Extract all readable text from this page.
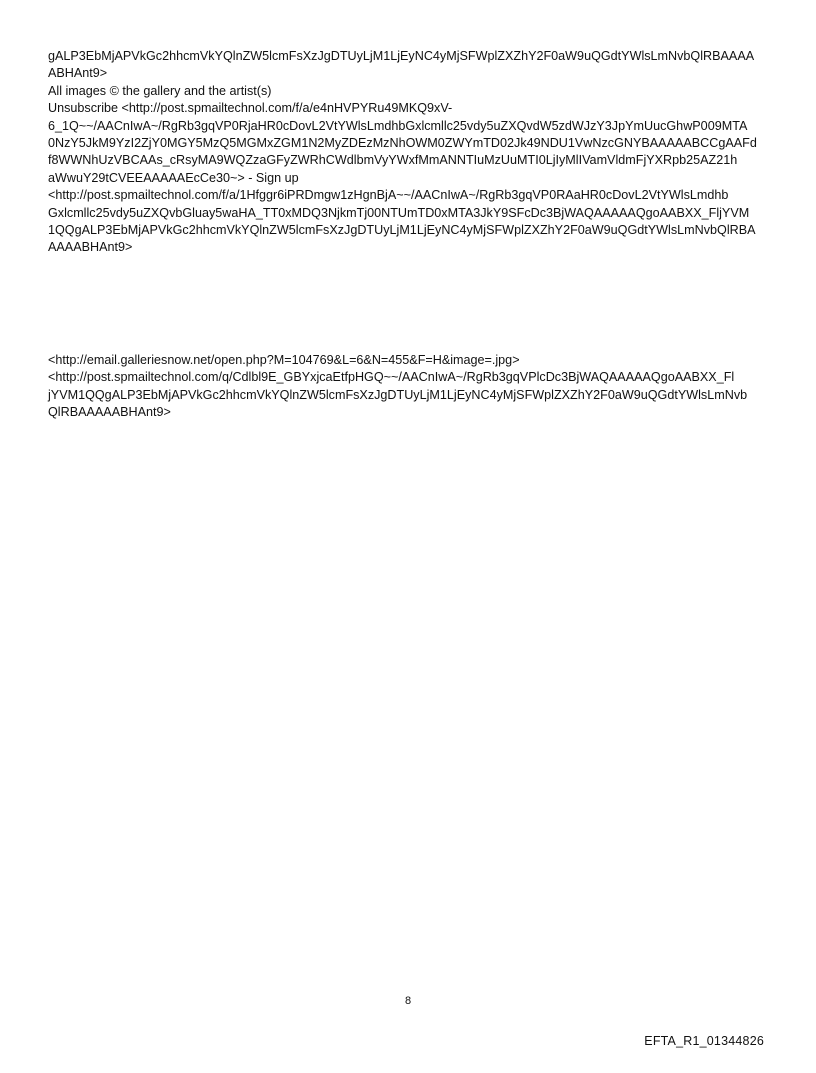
gALP3EbMjAPVkGc2hhcmVkYQlnZW5lcmFsXzJgDTUyLjM1LjEyNC4yMjSFWplZXZhY2F0aW9uQGdtYWlsLmNvbQlRBAAAA
ABHAnt9>
All images © the gallery and the artist(s)
Unsubscribe <http://post.spmailtechnol.com/f/a/e4nHVPYRu49MKQ9xV-
6_1Q~~/AACnIwA~/RgRb3gqVP0RjaHR0cDovL2VtYWlsLmdhbGxlcmllc25vdy5uZXQvdW5zdWJzY3JpYmUucGhwP009MTA
0NzY5JkM9YzI2ZjY0MGY5MzQ5MGMxZGM1N2MyZDEzMzNhOWM0ZWYmTD02Jk49NDU1VwNzcGNYBAAAAABCCgAAFd
f8WWNhUzVBCAAs_cRsyMA9WQZzaGFyZWRhCWdlbmVyYWxfMmANNTIuMzUuMTI0LjIyMlIVamVldmFjYXRpb25AZ21h
aWwuY29tCVEEAAAAAEcCe30~> - Sign up
<http://post.spmailtechnol.com/f/a/1Hfggr6iPRDmgw1zHgnBjA~~/AACnIwA~/RgRb3gqVP0RAaHR0cDovL2VtYWlsLmdhb
Gxlcmllc25vdy5uZXQvbGluay5waHA_TT0xMDQ3NjkmTj00NTUmTD0xMTA3JkY9SFcDc3BjWAQAAAAAQgoAABXX_FljYVM
1QQgALP3EbMjAPVkGc2hhcmVkYQlnZW5lcmFsXzJgDTUyLjM1LjEyNC4yMjSFWplZXZhY2F0aW9uQGdtYWlsLmNvbQlRBA
AAAABHAnt9>
<http://email.galleriesnow.net/open.php?M=104769&L=6&N=455&F=H&image=.jpg>
<http://post.spmailtechnol.com/q/Cdlbl9E_GBYxjcaEtfpHGQ~~/AACnIwA~/RgRb3gqVPlcDc3BjWAQAAAAAQgoAABXX_Fl
jYVM1QQgALP3EbMjAPVkGc2hhcmVkYQlnZW5lcmFsXzJgDTUyLjM1LjEyNC4yMjSFWplZXZhY2F0aW9uQGdtYWlsLmNvb
QlRBAAAAABHAnt9>
8
EFTA_R1_01344826
